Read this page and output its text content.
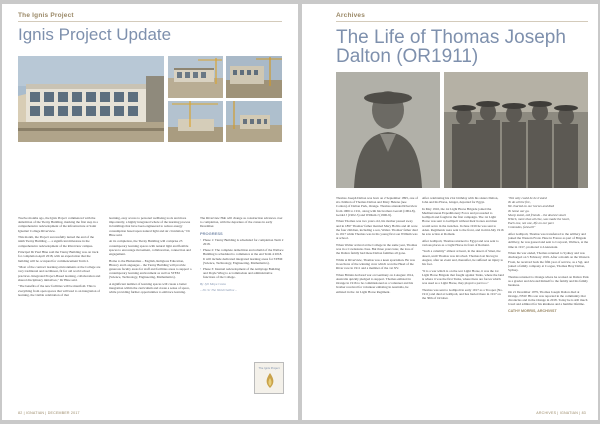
The Ignis Project
Ignis Project Update

Twelve months ago, the Ignis Project commenced with the demolition of the Tierny Building, marking the first step in a comprehensive redevelopment of the infrastructure at Saint Ignatius' College Riverview.

This month, the Project successfully turned the end of the ninth Tierny Building — a significant milestone in the comprehensive redevelopment of the Riverview campus.

Principal Dr Paul Hine said the Tierny Building was on track for completion April 2018, with an expectation that the building will be occupied for commencement Term 2.

"Most of the contract learning environments at the College are very traditional and rectilinear, fit for old world school practices. Integrated Project-Based learning, collaboration and shared disciplinary initiatives," Dr Hine said.

"The benefits of the new facilities will be manifold. This is everything from open spaces that will lead to an integration of learning, the visible celebration of that

learning, easy access to personal wellbeing tools and more importantly, a highly integrated whole of the learning process in buildings that have been engineered to reduce energy consumption based upon natural light and air circulation," Dr Hine said.

At its completion, the Tierny Building will comprise 23 contemporary learning spaces with natural light and flexible spaces to encourage movement, collaboration, connection and engagement.

Home to the Humanities – English, Religious Education, History and Languages – the Tierny Building will provide generous faculty areas for staff and facilities areas to support a contemporary learning environment as well as STEM (Science, Technology, Engineering, Mathematics).

A significant number of learning spaces will create a better integration within the curriculum and create a sense of space, while providing further opportunities to embrace learning.

The Riverview Hub will change as construction advances over to completion, with the departure of the cranes in early December.

PROGRESS
• Phase 1: Tierny Building is scheduled for completion Term 2 2018.
• Phase 2: The complete demolition and rebuild of the Wallace Building is scheduled to commence at the end Term 4 2018. It will include dedicated integrated learning areas for STEM (Science, Technology, Engineering, Mathematics).
• Phase 3: Internal redevelopment of the Armytage Building and Doyle Wing to accommodate and administrative functions of the College.

By Jyll Moya Costa

– Dr. Sr The Wold Outline –

The Ignis Project
82 | IGNATIAN | DECEMBER 2017
Archives
The Life of Thomas Joseph Dalton (OR1911)

Thomas Joseph Dalton was born on 2 September 1895, one of six children of Thomas Dalton and Mary Helena (nee Conlon) of Dalton Park, Orange. Thomas attended Riverview from 1906 to 1911, along with his brothers Gerald (1904-8), Gerald J (1902-5) and William J (1906-9).

When Thomas was two years old, his mother passed away and in 1897 Thomas' father married Mary Hobbs and all were the four children, including a son, Walter. Thomas' father died in 1917 while Thomas was in his young first son William was at school.

When Walter arrived at the College in the same year, Thomas was in a Cowlesians class. But three years later, the loss of the Dalton family had these Dalton families all gone.

While at Riverview, Thomas was a keen sportsman. He was in sections of the winning crew which won the Head of the River race in 1911 and a member of the 1st XV.

When Britain declared war on Germany on 4 August 1914, Australia quickly pledged to support. Thomas enlisted in Orange in 1916 to be commissioned as a volunteer and his brother received for volunteer enlisting in Australia, he enlisted in the 1st Light Horse Regiment.

After celebrating his 21st birthday with his sisters Dalton, John and his Horse, Ginger, departed for Egypt.

In May 1916, the 1st Light Horse Brigade joined the Mediterranean Expeditionary Force and proceeded to Gallipoli and fought in the first campaign. The 1st Light Horse was sent to Gallipoli without their horses and men would serve in the trenches. In June 1916 he was sent to Aden. Regiments were sent to the front, and in mid-July 1916 he saw action at Romani.

After Gallipoli, Thomas returned to Egypt and was sent to various places as a Light Horse in front of Romani.

"Such a calamity" almost at heart, in the desert of Sinai, the desert, until Thomas was involved. Thomas lost his leg in August, after an event and, thereafter, he suffered an injury to his foot.

"It is a war which is on the wet Light Horse, it was the 1st Light Horse Brigade that fought against Turks, where the land is where it was the first Turks, where there are forces which was used as a Light Horse, they played a part too."

Thomas was sent to Gallipoli in early 1917 as a Trooper (No. 1911) and died at Gallipoli, and lies buried there in 1917 on the 30th of October.

"Not only could he be trusted
To do all the fire,
We charted on our horses and died
To home our go.
Sharp metal, old friends – the dearest smart
Which, more than all else, was made the heart,
Each one, not one, life on our part.
Comrades, farewell"

After Gallipoli, Thomas was transferred to the artillery and joined the Western Front. Here in France as part of Brigade Artillery, he was gassed and sent to Corporal, Wallace, at the time in 1917, promoted to Lieutenant.

When the war ended, Thomas returned to Sydney and was discharged on 5 February 1919. After a month on the Western Front, he received back the fifth year of service, as a Sgt, and joined a family company at Coogee, Thomas Bray Dalton, Sydney.

Thomas returned to Orange where he worked on Dalton Park as a grazier and devoted himself to the family and his family business.

On 21 December 1979, Thomas Joseph Dalton died at Orange, NSW. His son was reported in the community that chronicles and in the Orange in 2018. Today he is still much loved and admired for his kindness and a humble lifetime.

CATHY MORRIS, ARCHIVIST

ARCHIVES | IGNATIAN | 83
